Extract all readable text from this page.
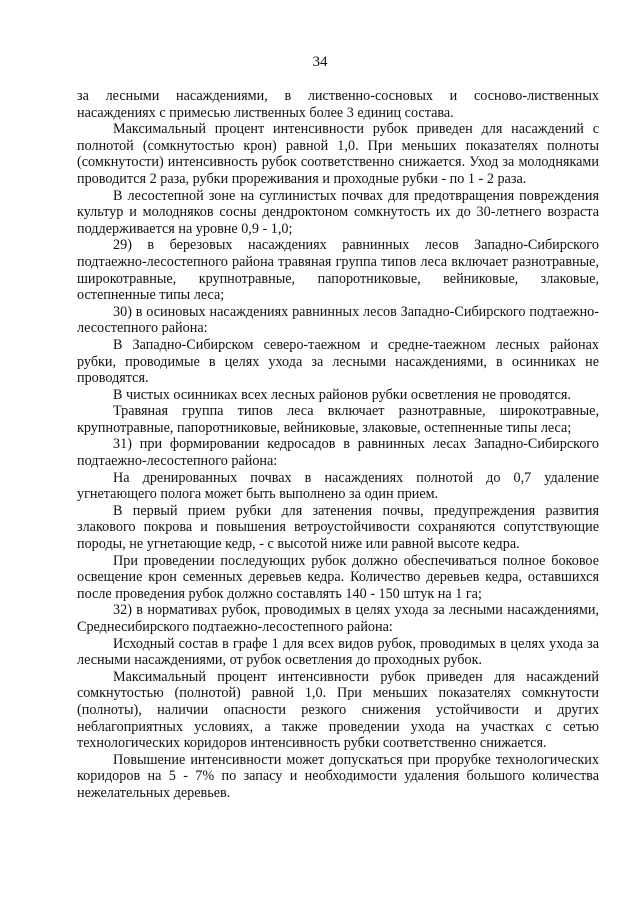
34

за лесными насаждениями, в лиственно-сосновых и сосново-лиственных насаждениях с примесью лиственных более 3 единиц состава.

Максимальный процент интенсивности рубок приведен для насаждений с полнотой (сомкнутостью крон) равной 1,0. При меньших показателях полноты (сомкнутости) интенсивность рубок соответственно снижается. Уход за молодняками проводится 2 раза, рубки прореживания и проходные рубки - по 1 - 2 раза.

В лесостепной зоне на суглинистых почвах для предотвращения повреждения культур и молодняков сосны дендроктоном сомкнутость их до 30-летнего возраста поддерживается на уровне 0,9 - 1,0;

29) в березовых насаждениях равнинных лесов Западно-Сибирского подтаежно-лесостепного района травяная группа типов леса включает разнотравные, широкотравные, крупнотравные, папоротниковые, вейниковые, злаковые, остепненные типы леса;

30) в осиновых насаждениях равнинных лесов Западно-Сибирского подтаежно-лесостепного района:

В Западно-Сибирском северо-таежном и средне-таежном лесных районах рубки, проводимые в целях ухода за лесными насаждениями, в осинниках не проводятся.

В чистых осинниках всех лесных районов рубки осветления не проводятся.

Травяная группа типов леса включает разнотравные, широкотравные, крупнотравные, папоротниковые, вейниковые, злаковые, остепненные типы леса;

31) при формировании кедросадов в равнинных лесах Западно-Сибирского подтаежно-лесостепного района:

На дренированных почвах в насаждениях полнотой до 0,7 удаление угнетающего полога может быть выполнено за один прием.

В первый прием рубки для затенения почвы, предупреждения развития злакового покрова и повышения ветроустойчивости сохраняются сопутствующие породы, не угнетающие кедр, - с высотой ниже или равной высоте кедра.

При проведении последующих рубок должно обеспечиваться полное боковое освещение крон семенных деревьев кедра. Количество деревьев кедра, оставшихся после проведения рубок должно составлять 140 - 150 штук на 1 га;

32) в нормативах рубок, проводимых в целях ухода за лесными насаждениями, Среднесибирского подтаежно-лесостепного района:

Исходный состав в графе 1 для всех видов рубок, проводимых в целях ухода за лесными насаждениями, от рубок осветления до проходных рубок.

Максимальный процент интенсивности рубок приведен для насаждений сомкнутостью (полнотой) равной 1,0. При меньших показателях сомкнутости (полноты), наличии опасности резкого снижения устойчивости и других неблагоприятных условиях, а также проведении ухода на участках с сетью технологических коридоров интенсивность рубки соответственно снижается.

Повышение интенсивности может допускаться при прорубке технологических коридоров на 5 - 7% по запасу и необходимости удаления большого количества нежелательных деревьев.
